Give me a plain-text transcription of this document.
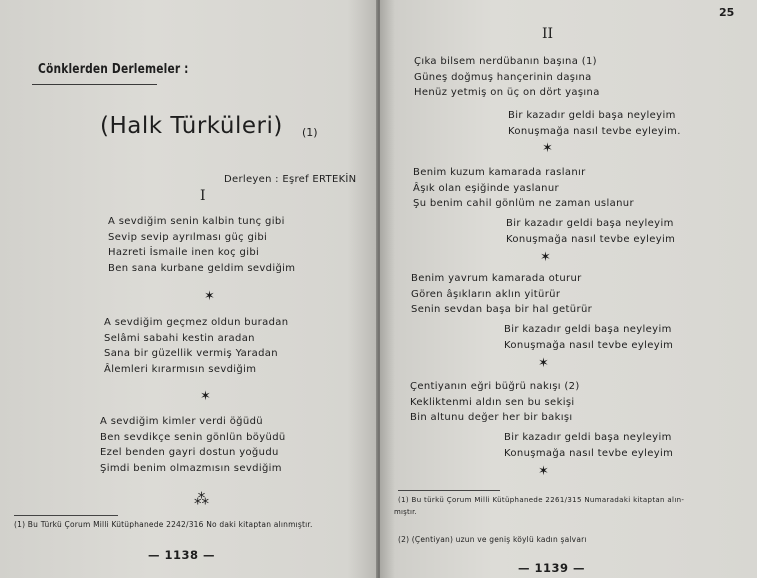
Cönklerden Derlemeler :
(Halk Türküleri) (1)
Derleyen : Eşref ERTEKİN
I
A sevdiğim senin kalbin tunç gibi
Sevip sevip ayrılması güç gibi
Hazreti İsmaile inen koç gibi
Ben sana kurbane geldim sevdiğim
✶
A sevdiğim geçmez oldun buradan
Selâmi sabahi kestin aradan
Sana bir güzellik vermiş Yaradan
Âlemleri kırarmısın sevdiğim
✶
A sevdiğim kimler verdi öğüdü
Ben sevdikçe senin gönlün böyüdü
Ezel benden gayri dostun yoğudu
Şimdi benim olmazmısın sevdiğim
⁂
(1) Bu Türkü Çorum Milli Kütüphanede 2242/316 No daki kitaptan alınmıştır.
— 1138 —
25
II
Çıka bilsem nerdübanın başına (1)
Güneş doğmuş hançerinin daşına
Henüz yetmiş on üç on dört yaşına
Bir kazadır geldi başa neyleyim
Konuşmağa nasıl tevbe eyleyim.
✶
Benim kuzum kamarada raslanır
Âşık olan eşiğinde yaslanur
Şu benim cahil gönlüm ne zaman uslanur
Bir kazadır geldi başa neyleyim
Konuşmağa nasıl tevbe eyleyim
✶
Benim yavrum kamarada oturur
Gören âşıkların aklın yitürür
Senin sevdan başa bir hal getürür
Bir kazadır geldi başa neyleyim
Konuşmağa nasıl tevbe eyleyim
✶
Çentiyanın eğri büğrü nakışı (2)
Kekliktenmi aldın sen bu sekişi
Bin altunu değer her bir bakışı
Bir kazadır geldi başa neyleyim
Konuşmağa nasıl tevbe eyleyim
✶
(1) Bu türkü Çorum Milli Kütüphanede 2261/315 Numaradaki kitaptan alın-
mıştır.
(2) (Çentiyan) uzun ve geniş köylü kadın şalvarı
— 1139 —
